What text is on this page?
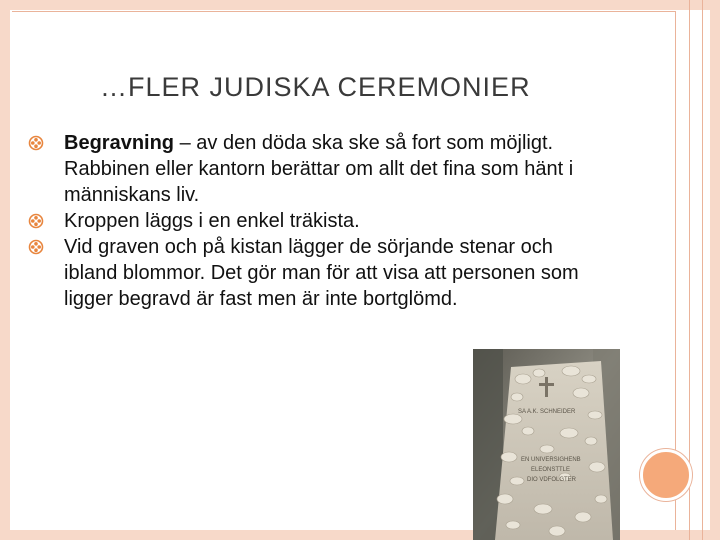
…FLER JUDISKA CEREMONIER
Begravning – av den döda ska ske så fort som möjligt. Rabbinen eller kantorn berättar om allt det fina som hänt i människans liv.
Kroppen läggs i en enkel träkista.
Vid graven och på kistan lägger de sörjande stenar och ibland blommor. Det gör man för att visa att personen som ligger begravd är fast men är inte bortglömd.
SA A.K. SCHNEIDER
EN UNIVERSIGHENB
ELEONSTTLE
DIO VDFOLGTER
